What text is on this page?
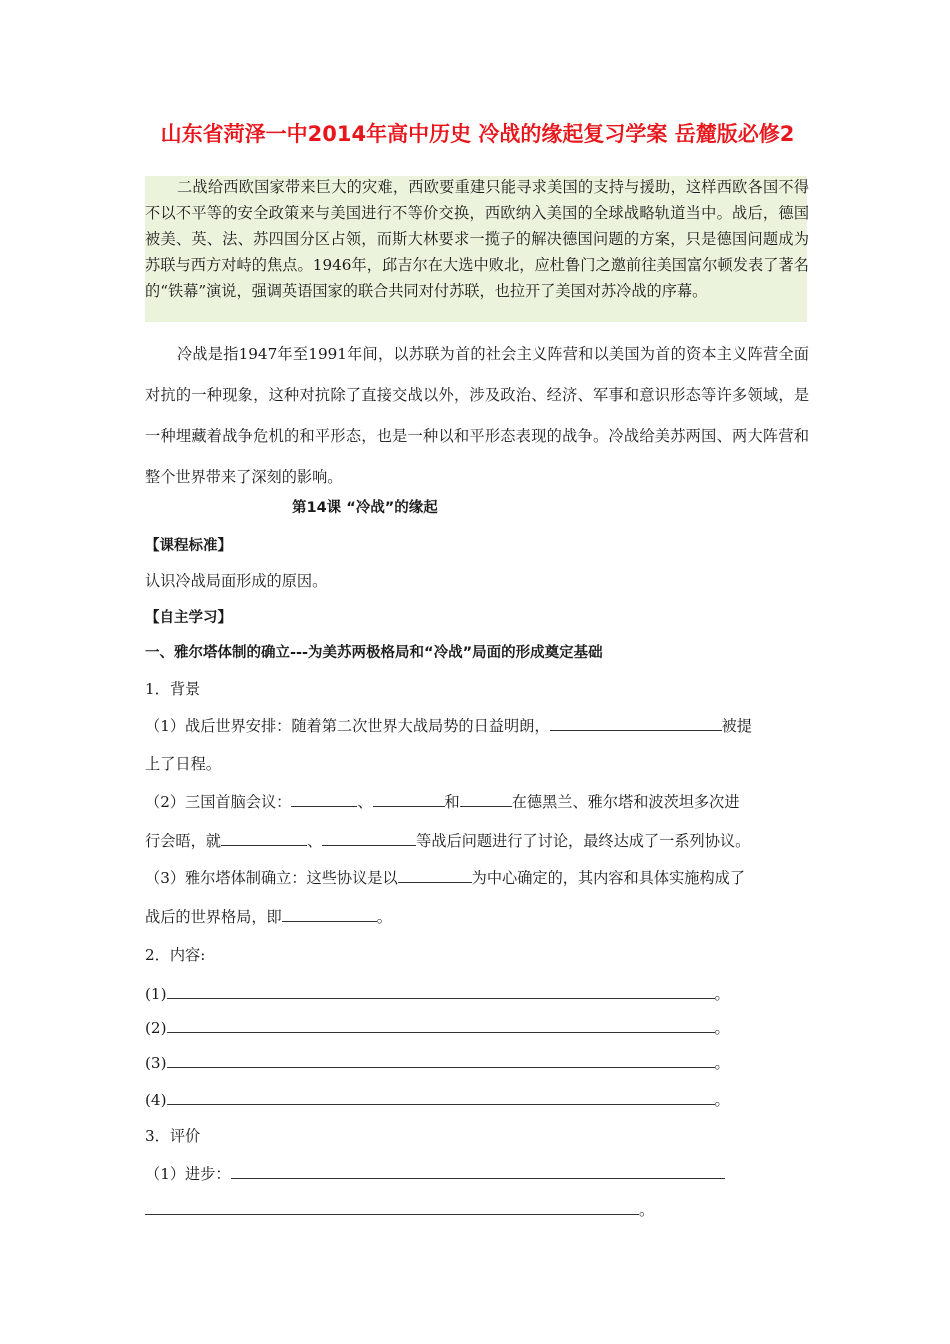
山东省菏泽一中2014年高中历史 冷战的缘起复习学案 岳麓版必修2

二战给西欧国家带来巨大的灾难，西欧要重建只能寻求美国的支持与援助，这样西欧各国不得不以不平等的安全政策来与美国进行不等价交换，西欧纳入美国的全球战略轨道当中。战后，德国被美、英、法、苏四国分区占领，而斯大林要求一揽子的解决德国问题的方案，只是德国问题成为苏联与西方对峙的焦点。1946年，邱吉尔在大选中败北，应杜鲁门之邀前往美国富尔顿发表了著名的“铁幕”演说，强调英语国家的联合共同对付苏联，也拉开了美国对苏冷战的序幕。

冷战是指1947年至1991年间，以苏联为首的社会主义阵营和以美国为首的资本主义阵营全面对抗的一种现象，这种对抗除了直接交战以外，涉及政治、经济、军事和意识形态等许多领域，是一种埋藏着战争危机的和平形态，也是一种以和平形态表现的战争。冷战给美苏两国、两大阵营和整个世界带来了深刻的影响。

第14课 “冷战”的缘起
【课程标准】
认识冷战局面形成的原因。
【自主学习】
一、雅尔塔体制的确立---为美苏两极格局和“冷战”局面的形成奠定基础
1．背景
（1）战后世界安排：随着第二次世界大战局势的日益明朗，	被提
上了日程。
（2）三国首脑会议：	、	和	在德黑兰、雅尔塔和波茨坦多次进
行会晤，就	、	等战后问题进行了讨论，最终达成了一系列协议。
（3）雅尔塔体制确立：这些协议是以	为中心确定的，其内容和具体实施构成了
战后的世界格局，即	。
2．内容:
(1)	。
(2)	。
(3)	。
(4)	。
3．评价
（1）进步：
。
